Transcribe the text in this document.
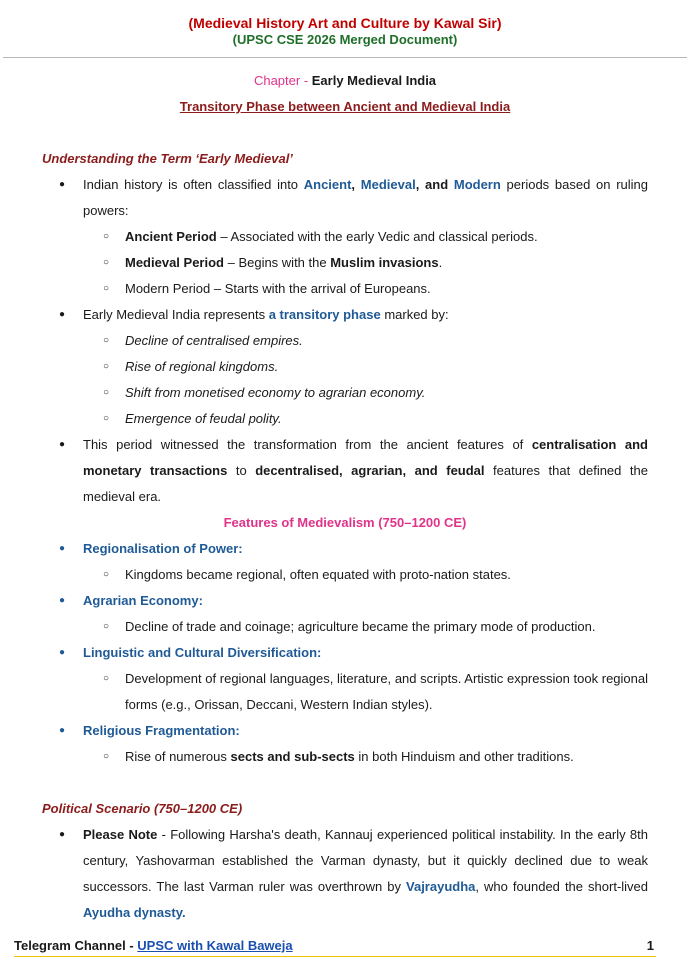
(Medieval History Art and Culture by Kawal Sir)
(UPSC CSE 2026 Merged Document)
Chapter - Early Medieval India
Transitory Phase between Ancient and Medieval India
Understanding the Term ‘Early Medieval’
● Indian history is often classified into Ancient, Medieval, and Modern periods based on ruling powers:
○ Ancient Period – Associated with the early Vedic and classical periods.
○ Medieval Period – Begins with the Muslim invasions.
○ Modern Period – Starts with the arrival of Europeans.
● Early Medieval India represents a transitory phase marked by:
○ Decline of centralised empires.
○ Rise of regional kingdoms.
○ Shift from monetised economy to agrarian economy.
○ Emergence of feudal polity.
● This period witnessed the transformation from the ancient features of centralisation and monetary transactions to decentralised, agrarian, and feudal features that defined the medieval era.
Features of Medievalism (750–1200 CE)
● Regionalisation of Power:
○ Kingdoms became regional, often equated with proto-nation states.
● Agrarian Economy:
○ Decline of trade and coinage; agriculture became the primary mode of production.
● Linguistic and Cultural Diversification:
○ Development of regional languages, literature, and scripts. Artistic expression took regional forms (e.g., Orissan, Deccani, Western Indian styles).
● Religious Fragmentation:
○ Rise of numerous sects and sub-sects in both Hinduism and other traditions.
Political Scenario (750–1200 CE)
● Please Note - Following Harsha's death, Kannauj experienced political instability. In the early 8th century, Yashovarman established the Varman dynasty, but it quickly declined due to weak successors. The last Varman ruler was overthrown by Vajrayudha, who founded the short-lived Ayudha dynasty.
Telegram Channel - UPSC with Kawal Baweja	1
